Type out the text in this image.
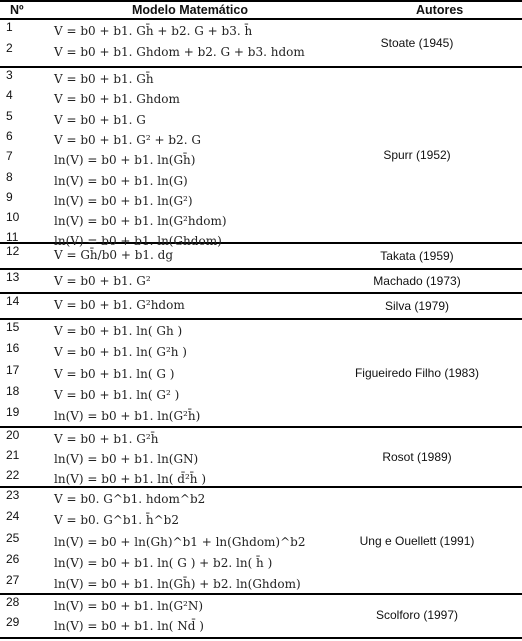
Nº	Modelo Matemático	Autores
1	V = b0 + b1. Gh̄ + b2. G + b3. h̄
2	V = b0 + b1. Ghdom + b2. G + b3. hdom
Stoate (1945)
3	V = b0 + b1. Gh̄
4	V = b0 + b1. Ghdom
5	V = b0 + b1. G
6	V = b0 + b1. G² + b2. G
7	ln(V) = b0 + b1. ln(Gh̄)
8	ln(V) = b0 + b1. ln(G)
9	ln(V) = b0 + b1. ln(G²)
10	ln(V) = b0 + b1. ln(G²hdom)
11	ln(V) = b0 + b1. ln(Ghdom)
Spurr (1952)
12	V = Gh̄/b0 + b1. dg	Takata (1959)
13	V = b0 + b1. G²	Machado (1973)
14	V = b0 + b1. G²hdom	Silva (1979)
15	V = b0 + b1. ln( Gh )
16	V = b0 + b1. ln( G²h )
17	V = b0 + b1. ln( G )
18	V = b0 + b1. ln( G² )
19	ln(V) = b0 + b1. ln(G²h̄)
Figueiredo Filho (1983)
20	V = b0 + b1. G²h̄
21	ln(V) = b0 + b1. ln(GN)
22	ln(V) = b0 + b1. ln( d̄²h̄ )
Rosot (1989)
23	V = b0. G^b1. hdom^b2
24	V = b0. G^b1. h̄^b2
25	ln(V) = b0 + ln(Gh)^b1 + ln(Ghdom)^b2
26	ln(V) = b0 + b1. ln( G ) + b2. ln( h̄ )
27	ln(V) = b0 + b1. ln(Gh̄) + b2. ln(Ghdom)
Ung e Ouellett (1991)
28	ln(V) = b0 + b1. ln(G²N)
29	ln(V) = b0 + b1. ln( Nd̄ )
Scolforo (1997)
